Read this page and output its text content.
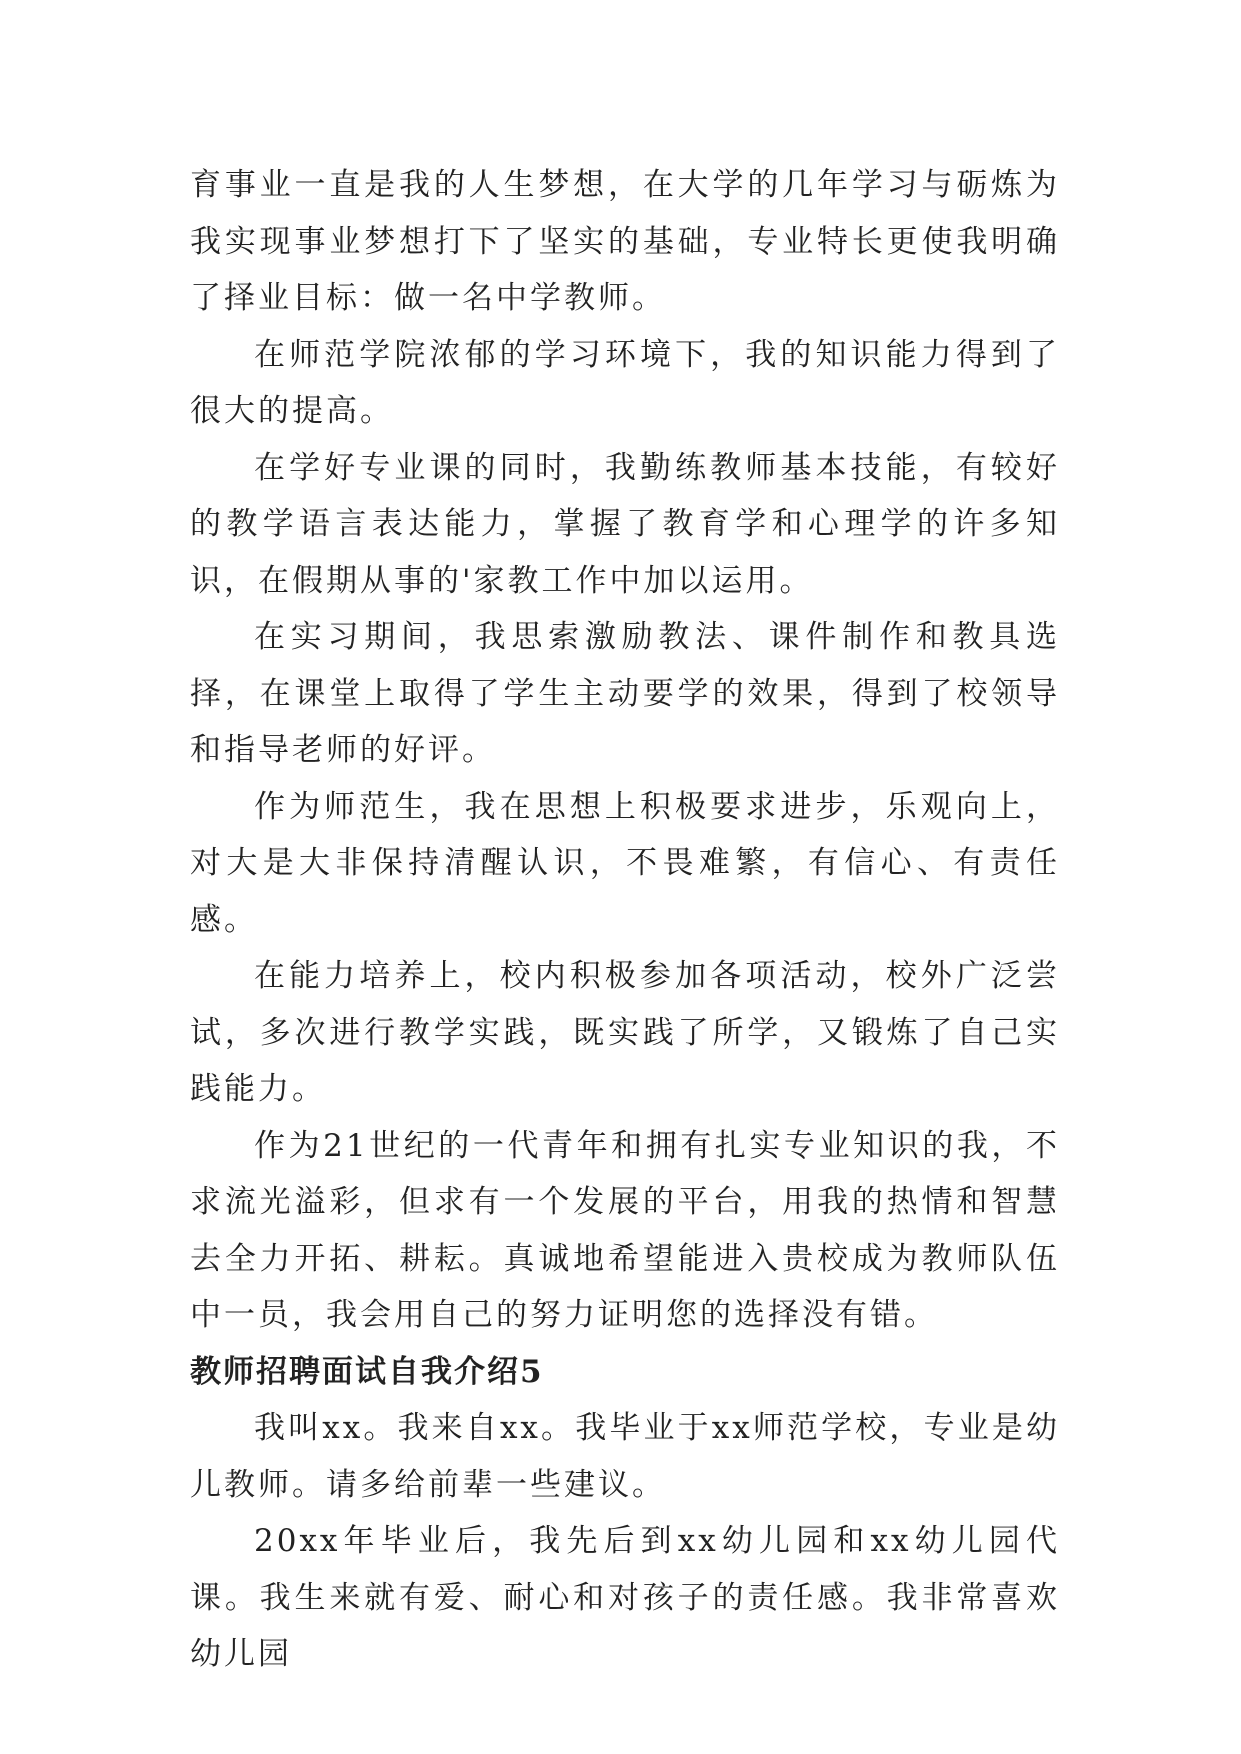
育事业一直是我的人生梦想，在大学的几年学习与砺炼为我实现事业梦想打下了坚实的基础，专业特长更使我明确了择业目标：做一名中学教师。

在师范学院浓郁的学习环境下，我的知识能力得到了很大的提高。

在学好专业课的同时，我勤练教师基本技能，有较好的教学语言表达能力，掌握了教育学和心理学的许多知识，在假期从事的'家教工作中加以运用。

在实习期间，我思索激励教法、课件制作和教具选择，在课堂上取得了学生主动要学的效果，得到了校领导和指导老师的好评。

作为师范生，我在思想上积极要求进步，乐观向上，对大是大非保持清醒认识，不畏难繁，有信心、有责任感。

在能力培养上，校内积极参加各项活动，校外广泛尝试，多次进行教学实践，既实践了所学，又锻炼了自己实践能力。

作为21世纪的一代青年和拥有扎实专业知识的我，不求流光溢彩，但求有一个发展的平台，用我的热情和智慧去全力开拓、耕耘。真诚地希望能进入贵校成为教师队伍中一员，我会用自己的努力证明您的选择没有错。

教师招聘面试自我介绍5

我叫xx。我来自xx。我毕业于xx师范学校，专业是幼儿教师。请多给前辈一些建议。

20xx年毕业后，我先后到xx幼儿园和xx幼儿园代课。我生来就有爱、耐心和对孩子的责任感。我非常喜欢幼儿园
